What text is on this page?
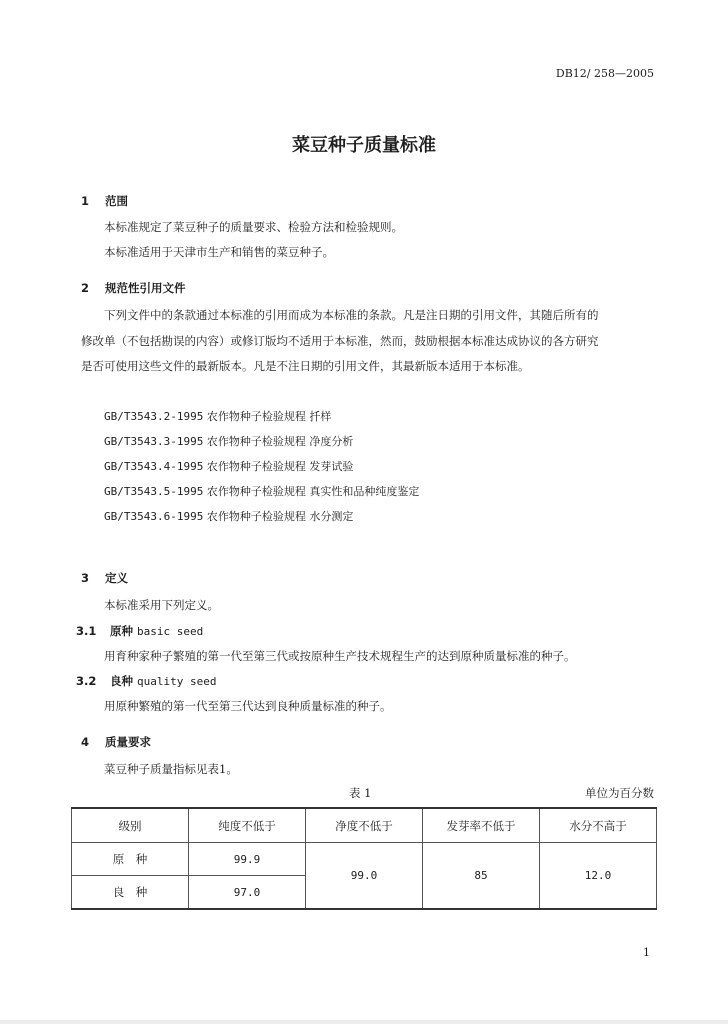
DB12/ 258—2005
菜豆种子质量标准
1 范围
本标准规定了菜豆种子的质量要求、检验方法和检验规则。
本标准适用于天津市生产和销售的菜豆种子。
2 规范性引用文件
下列文件中的条款通过本标准的引用而成为本标准的条款。凡是注日期的引用文件，其随后所有的
修改单（不包括勘误的内容）或修订版均不适用于本标准，然而，鼓励根据本标准达成协议的各方研究
是否可使用这些文件的最新版本。凡是不注日期的引用文件，其最新版本适用于本标准。
GB/T3543.2-1995 农作物种子检验规程 扦样
GB/T3543.3-1995 农作物种子检验规程 净度分析
GB/T3543.4-1995 农作物种子检验规程 发芽试验
GB/T3543.5-1995 农作物种子检验规程 真实性和品种纯度鉴定
GB/T3543.6-1995 农作物种子检验规程 水分测定
3 定义
本标准采用下列定义。
3.1 原种 basic seed
用育种家种子繁殖的第一代至第三代或按原种生产技术规程生产的达到原种质量标准的种子。
3.2 良种 quality seed
用原种繁殖的第一代至第三代达到良种质量标准的种子。
4 质量要求
菜豆种子质量指标见表1。
表 1	单位为百分数
级别	纯度不低于	净度不低于	发芽率不低于	水分不高于
原　种	99.9	99.0	85	12.0
良　种	97.0			
1
